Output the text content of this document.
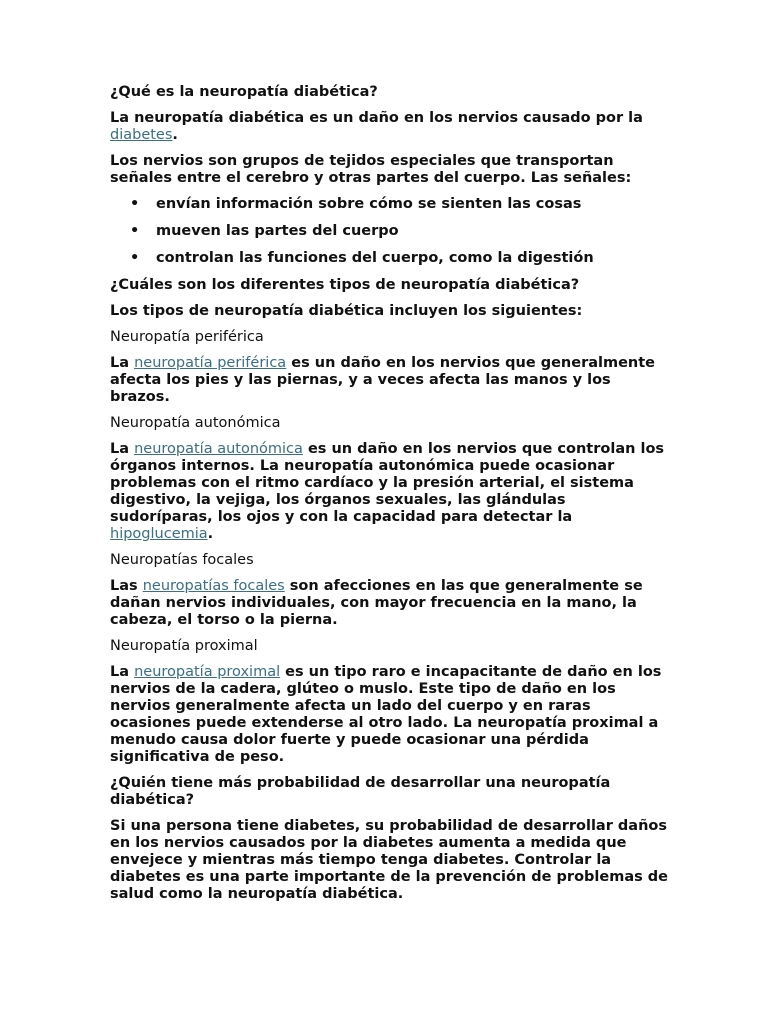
¿Qué es la neuropatía diabética?

La neuropatía diabética es un daño en los nervios causado por la diabetes.

Los nervios son grupos de tejidos especiales que transportan señales entre el cerebro y otras partes del cuerpo. Las señales:

• envían información sobre cómo se sienten las cosas
• mueven las partes del cuerpo
• controlan las funciones del cuerpo, como la digestión

¿Cuáles son los diferentes tipos de neuropatía diabética?

Los tipos de neuropatía diabética incluyen los siguientes:

Neuropatía periférica

La neuropatía periférica es un daño en los nervios que generalmente afecta los pies y las piernas, y a veces afecta las manos y los brazos.

Neuropatía autonómica

La neuropatía autonómica es un daño en los nervios que controlan los órganos internos. La neuropatía autonómica puede ocasionar problemas con el ritmo cardíaco y la presión arterial, el sistema digestivo, la vejiga, los órganos sexuales, las glándulas sudoríparas, los ojos y con la capacidad para detectar la hipoglucemia.

Neuropatías focales

Las neuropatías focales son afecciones en las que generalmente se dañan nervios individuales, con mayor frecuencia en la mano, la cabeza, el torso o la pierna.

Neuropatía proximal

La neuropatía proximal es un tipo raro e incapacitante de daño en los nervios de la cadera, glúteo o muslo. Este tipo de daño en los nervios generalmente afecta un lado del cuerpo y en raras ocasiones puede extenderse al otro lado. La neuropatía proximal a menudo causa dolor fuerte y puede ocasionar una pérdida significativa de peso.

¿Quién tiene más probabilidad de desarrollar una neuropatía diabética?

Si una persona tiene diabetes, su probabilidad de desarrollar daños en los nervios causados por la diabetes aumenta a medida que envejece y mientras más tiempo tenga diabetes. Controlar la diabetes es una parte importante de la prevención de problemas de salud como la neuropatía diabética.
